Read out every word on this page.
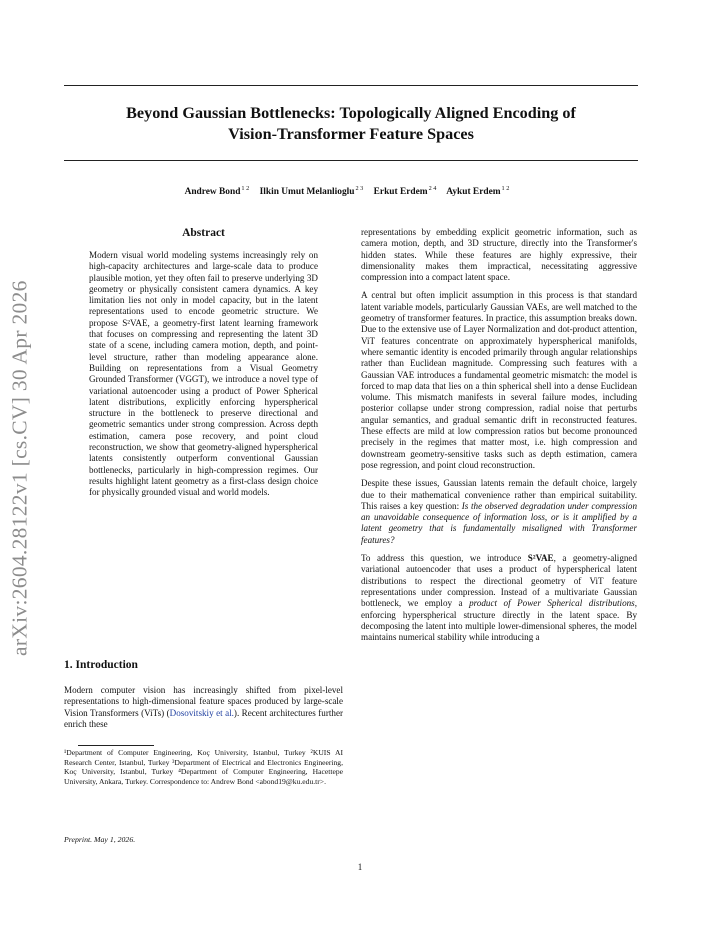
Beyond Gaussian Bottlenecks: Topologically Aligned Encoding of
Vision-Transformer Feature Spaces
Andrew Bond$^{1 2}$ Ilkin Umut Melanlioglu$^{2 3}$ Erkut Erdem$^{2 4}$ Aykut Erdem$^{1 2}$
arXiv:2604.28122v1 [cs.CV] 30 Apr 2026
Abstract
Modern visual world modeling systems increasingly rely on high-capacity architectures and large-scale data to produce plausible motion, yet they often fail to preserve underlying 3D geometry or physically consistent camera dynamics. A key limitation lies not only in model capacity, but in the latent representations used to encode geometric structure. We propose S²VAE, a geometry-first latent learning framework that focuses on compressing and representing the latent 3D state of a scene, including camera motion, depth, and point-level structure, rather than modeling appearance alone. Building on representations from a Visual Geometry Grounded Transformer (VGGT), we introduce a novel type of variational autoencoder using a product of Power Spherical latent distributions, explicitly enforcing hyperspherical structure in the bottleneck to preserve directional and geometric semantics under strong compression. Across depth estimation, camera pose recovery, and point cloud reconstruction, we show that geometry-aligned hyperspherical latents consistently outperform conventional Gaussian bottlenecks, particularly in high-compression regimes. Our results highlight latent geometry as a first-class design choice for physically grounded visual and world models.
1. Introduction
Modern computer vision has increasingly shifted from pixel-level representations to high-dimensional feature spaces produced by large-scale Vision Transformers (ViTs) (Dosovitskiy et al.). Recent architectures further enrich these
¹Department of Computer Engineering, Koç University, Istanbul, Turkey ²KUIS AI Research Center, Istanbul, Turkey ³Department of Electrical and Electronics Engineering, Koç University, Istanbul, Turkey ⁴Department of Computer Engineering, Hacettepe University, Ankara, Turkey. Correspondence to: Andrew Bond <abond19@ku.edu.tr>.
Preprint. May 1, 2026.

representations by embedding explicit geometric information, such as camera motion, depth, and 3D structure, directly into the Transformer's hidden states. While these features are highly expressive, their dimensionality makes them impractical, necessitating aggressive compression into a compact latent space.

A central but often implicit assumption in this process is that standard latent variable models, particularly Gaussian VAEs, are well matched to the geometry of transformer features. In practice, this assumption breaks down. Due to the extensive use of Layer Normalization and dot-product attention, ViT features concentrate on approximately hyperspherical manifolds, where semantic identity is encoded primarily through angular relationships rather than Euclidean magnitude. Compressing such features with a Gaussian VAE introduces a fundamental geometric mismatch: the model is forced to map data that lies on a thin spherical shell into a dense Euclidean volume. This mismatch manifests in several failure modes, including posterior collapse under strong compression, radial noise that perturbs angular semantics, and gradual semantic drift in reconstructed features. These effects are mild at low compression ratios but become pronounced precisely in the regimes that matter most, i.e. high compression and downstream geometry-sensitive tasks such as depth estimation, camera pose regression, and point cloud reconstruction.

Despite these issues, Gaussian latents remain the default choice, largely due to their mathematical convenience rather than empirical suitability. This raises a key question: Is the observed degradation under compression an unavoidable consequence of information loss, or is it amplified by a latent geometry that is fundamentally misaligned with Transformer features?

To address this question, we introduce S²VAE, a geometry-aligned variational autoencoder that uses a product of hyperspherical latent distributions to respect the directional geometry of ViT feature representations under compression. Instead of a multivariate Gaussian bottleneck, we employ a product of Power Spherical distributions, enforcing hyperspherical structure directly in the latent space. By decomposing the latent into multiple lower-dimensional spheres, the model maintains numerical stability while introducing a

1
